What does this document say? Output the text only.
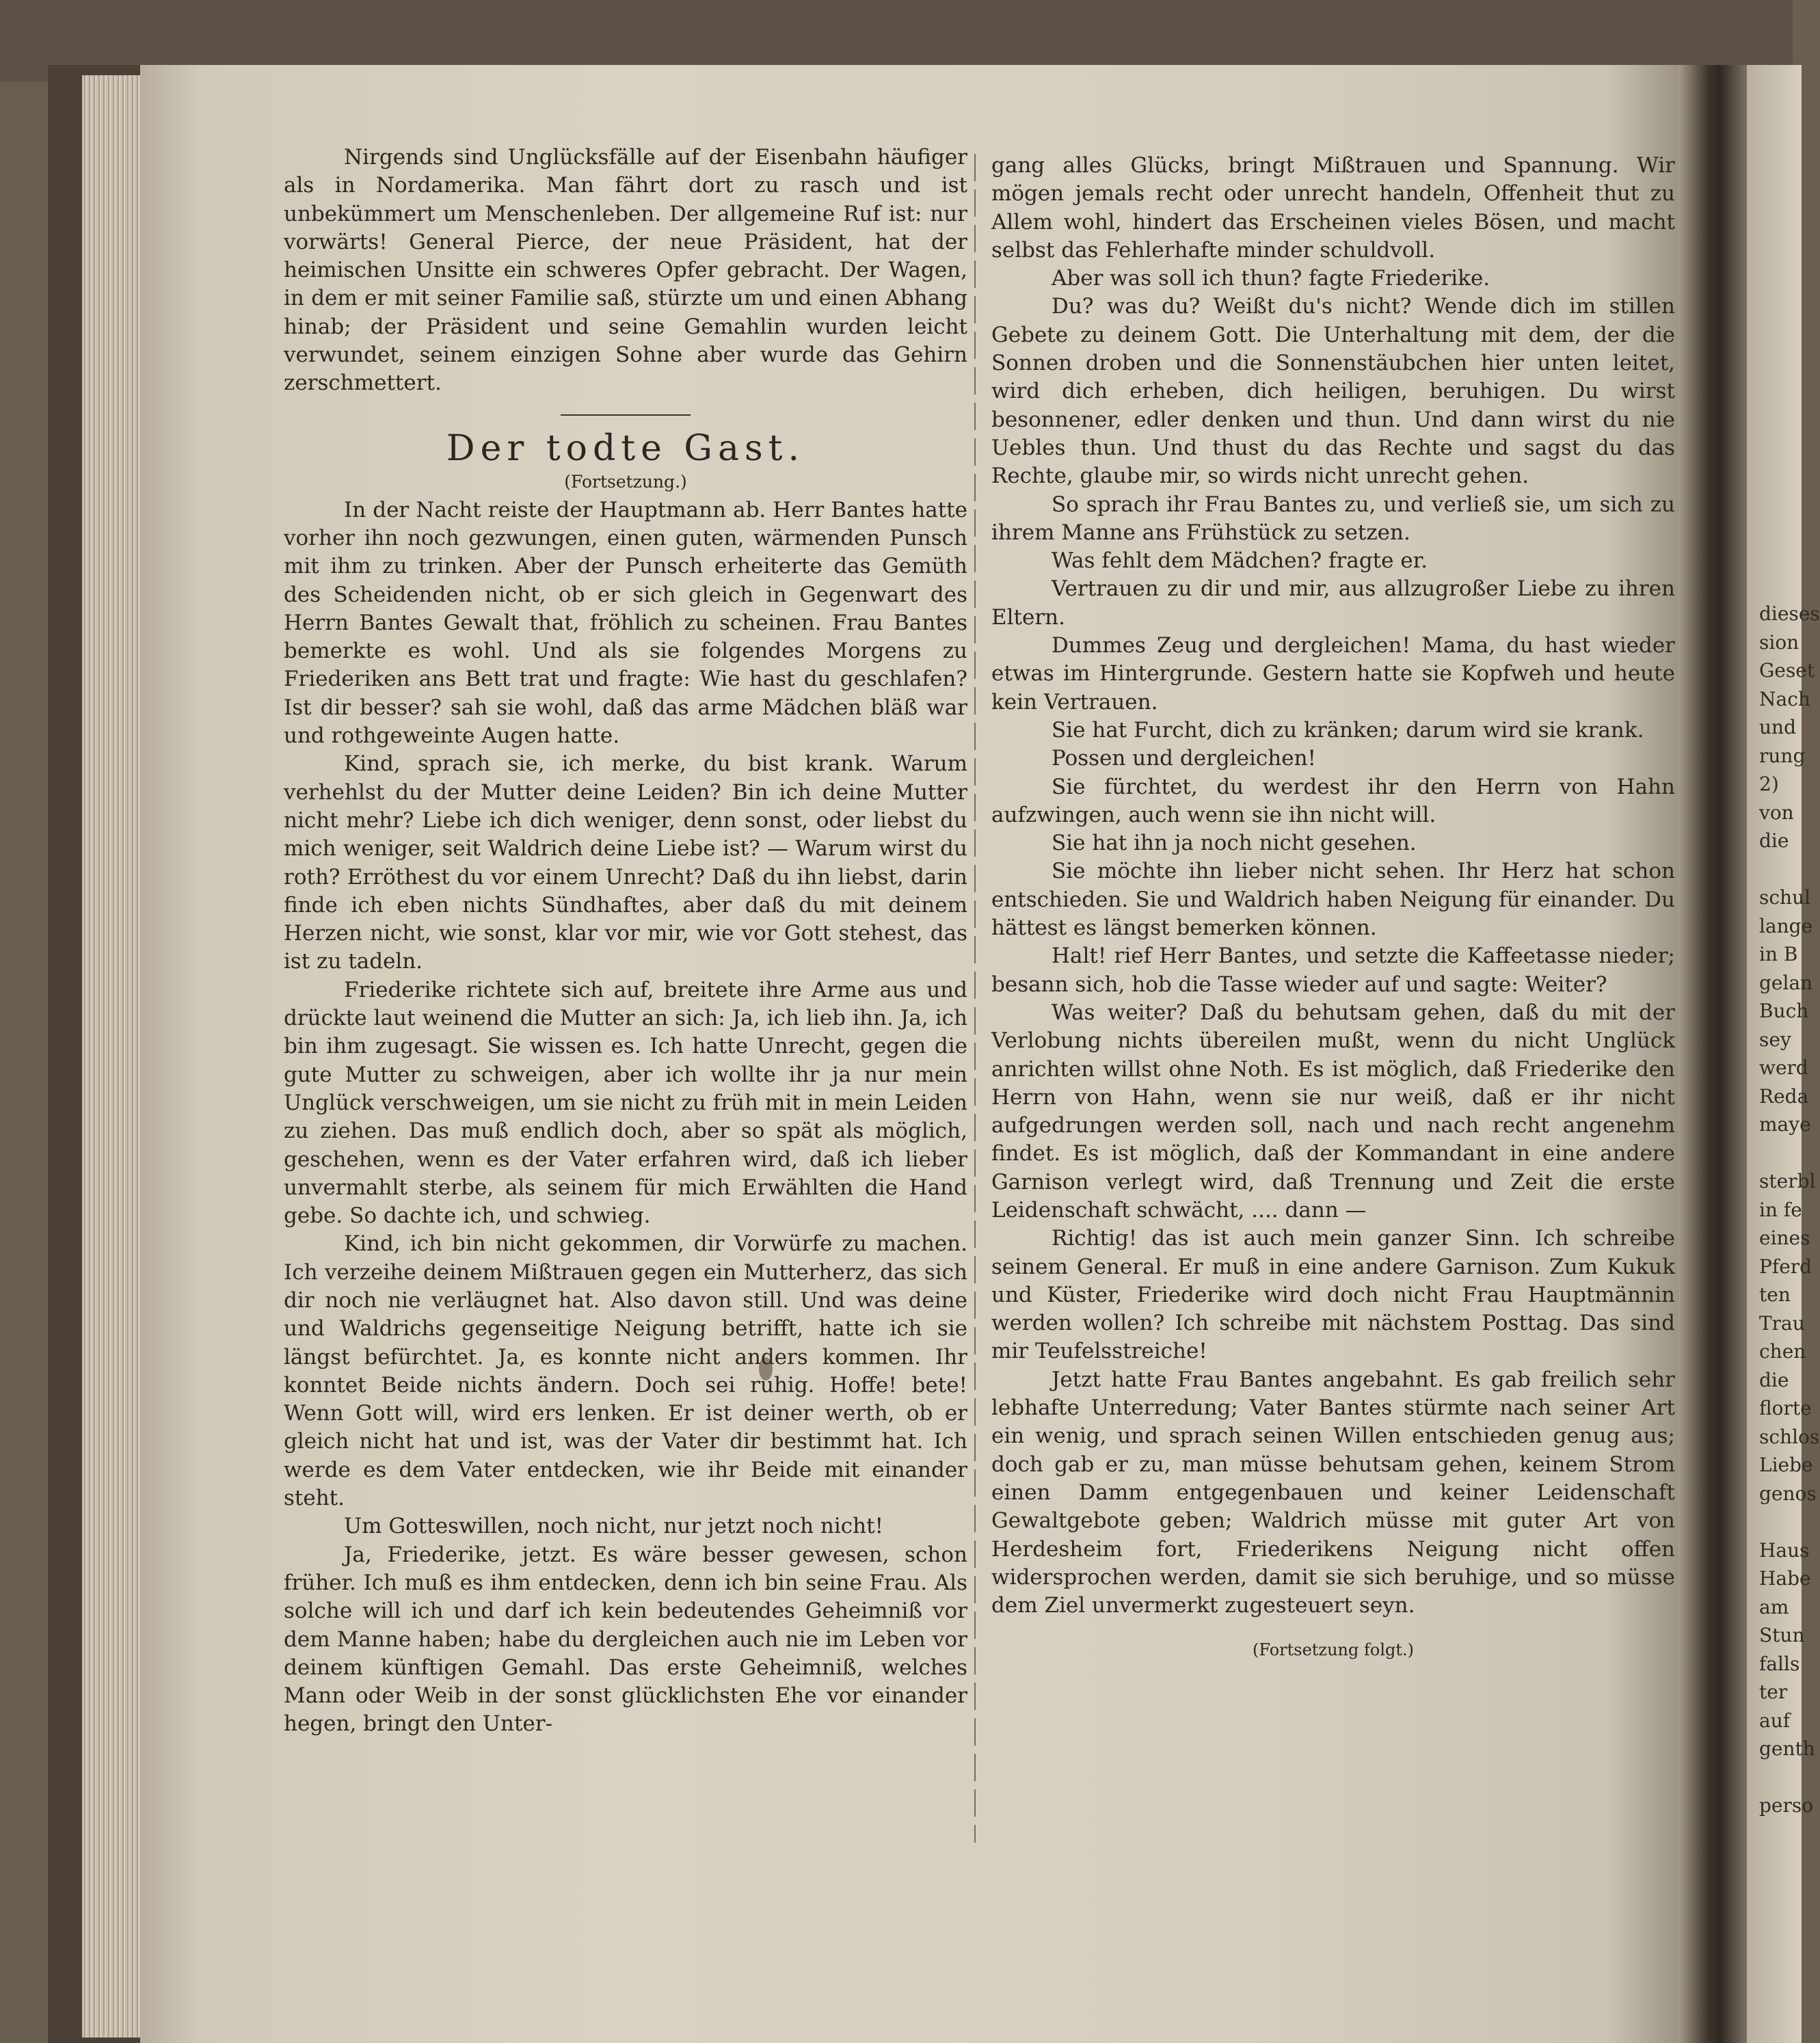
dieses
sion
Geset
Nach
und
rung
2)
von
die

schul
lange
in B
gelan
Buch
sey
werd
Reda
maye

sterbl
in fe
eines
Pferd
ten
Trau
chen
die
florte
schlos
Liebe
genos

Haus
Habe
am
Stun
falls
ter
auf
genth

perso

Nirgends sind Unglücksfälle auf der Eisenbahn häufiger als in Nordamerika. Man fährt dort zu rasch und ist unbekümmert um Menschenleben. Der allgemeine Ruf ist: nur vorwärts! General Pierce, der neue Präsident, hat der heimischen Unsitte ein schweres Opfer gebracht. Der Wagen, in dem er mit seiner Familie saß, stürzte um und einen Abhang hinab; der Präsident und seine Gemahlin wurden leicht verwundet, seinem einzigen Sohne aber wurde das Gehirn zerschmettert.

Der todte Gast.
(Fortsetzung.)

In der Nacht reiste der Hauptmann ab. Herr Bantes hatte vorher ihn noch gezwungen, einen guten, wärmenden Punsch mit ihm zu trinken. Aber der Punsch erheiterte das Gemüth des Scheidenden nicht, ob er sich gleich in Gegenwart des Herrn Bantes Gewalt that, fröhlich zu scheinen. Frau Bantes bemerkte es wohl. Und als sie folgendes Morgens zu Friederiken ans Bett trat und fragte: Wie hast du geschlafen? Ist dir besser? sah sie wohl, daß das arme Mädchen bläß war und rothgeweinte Augen hatte.

Kind, sprach sie, ich merke, du bist krank. Warum verhehlst du der Mutter deine Leiden? Bin ich deine Mutter nicht mehr? Liebe ich dich weniger, denn sonst, oder liebst du mich weniger, seit Waldrich deine Liebe ist? — Warum wirst du roth? Erröthest du vor einem Unrecht? Daß du ihn liebst, darin finde ich eben nichts Sündhaftes, aber daß du mit deinem Herzen nicht, wie sonst, klar vor mir, wie vor Gott stehest, das ist zu tadeln.

Friederike richtete sich auf, breitete ihre Arme aus und drückte laut weinend die Mutter an sich: Ja, ich lieb ihn. Ja, ich bin ihm zugesagt. Sie wissen es. Ich hatte Unrecht, gegen die gute Mutter zu schweigen, aber ich wollte ihr ja nur mein Unglück verschweigen, um sie nicht zu früh mit in mein Leiden zu ziehen. Das muß endlich doch, aber so spät als möglich, geschehen, wenn es der Vater erfahren wird, daß ich lieber unvermahlt sterbe, als seinem für mich Erwählten die Hand gebe. So dachte ich, und schwieg.

Kind, ich bin nicht gekommen, dir Vorwürfe zu machen. Ich verzeihe deinem Mißtrauen gegen ein Mutterherz, das sich dir noch nie verläugnet hat. Also davon still. Und was deine und Waldrichs gegenseitige Neigung betrifft, hatte ich sie längst befürchtet. Ja, es konnte nicht anders kommen. Ihr konntet Beide nichts ändern. Doch sei ruhig. Hoffe! bete! Wenn Gott will, wird ers lenken. Er ist deiner werth, ob er gleich nicht hat und ist, was der Vater dir bestimmt hat. Ich werde es dem Vater entdecken, wie ihr Beide mit einander steht.

Um Gotteswillen, noch nicht, nur jetzt noch nicht!

Ja, Friederike, jetzt. Es wäre besser gewesen, schon früher. Ich muß es ihm entdecken, denn ich bin seine Frau. Als solche will ich und darf ich kein bedeutendes Geheimniß vor dem Manne haben; habe du dergleichen auch nie im Leben vor deinem künftigen Gemahl. Das erste Geheimniß, welches Mann oder Weib in der sonst glücklichsten Ehe vor einander hegen, bringt den Unter-

gang alles Glücks, bringt Mißtrauen und Spannung. Wir mögen jemals recht oder unrecht handeln, Offenheit thut zu Allem wohl, hindert das Erscheinen vieles Bösen, und macht selbst das Fehlerhafte minder schuldvoll.

Aber was soll ich thun? fagte Friederike.

Du? was du? Weißt du's nicht? Wende dich im stillen Gebete zu deinem Gott. Die Unterhaltung mit dem, der die Sonnen droben und die Sonnenstäubchen hier unten leitet, wird dich erheben, dich heiligen, beruhigen. Du wirst besonnener, edler denken und thun. Und dann wirst du nie Uebles thun. Und thust du das Rechte und sagst du das Rechte, glaube mir, so wirds nicht unrecht gehen.

So sprach ihr Frau Bantes zu, und verließ sie, um sich zu ihrem Manne ans Frühstück zu setzen.

Was fehlt dem Mädchen? fragte er.

Vertrauen zu dir und mir, aus allzugroßer Liebe zu ihren Eltern.

Dummes Zeug und dergleichen! Mama, du hast wieder etwas im Hintergrunde. Gestern hatte sie Kopfweh und heute kein Vertrauen.

Sie hat Furcht, dich zu kränken; darum wird sie krank.

Possen und dergleichen!

Sie fürchtet, du werdest ihr den Herrn von Hahn aufzwingen, auch wenn sie ihn nicht will.

Sie hat ihn ja noch nicht gesehen.

Sie möchte ihn lieber nicht sehen. Ihr Herz hat schon entschieden. Sie und Waldrich haben Neigung für einander. Du hättest es längst bemerken können.

Halt! rief Herr Bantes, und setzte die Kaffeetasse nieder; besann sich, hob die Tasse wieder auf und sagte: Weiter?

Was weiter? Daß du behutsam gehen, daß du mit der Verlobung nichts übereilen mußt, wenn du nicht Unglück anrichten willst ohne Noth. Es ist möglich, daß Friederike den Herrn von Hahn, wenn sie nur weiß, daß er ihr nicht aufgedrungen werden soll, nach und nach recht angenehm findet. Es ist möglich, daß der Kommandant in eine andere Garnison verlegt wird, daß Trennung und Zeit die erste Leidenschaft schwächt, .... dann —

Richtig! das ist auch mein ganzer Sinn. Ich schreibe seinem General. Er muß in eine andere Garnison. Zum Kukuk und Küster, Friederike wird doch nicht Frau Hauptmännin werden wollen? Ich schreibe mit nächstem Posttag. Das sind mir Teufelsstreiche!

Jetzt hatte Frau Bantes angebahnt. Es gab freilich sehr lebhafte Unterredung; Vater Bantes stürmte nach seiner Art ein wenig, und sprach seinen Willen entschieden genug aus; doch gab er zu, man müsse behutsam gehen, keinem Strom einen Damm entgegenbauen und keiner Leidenschaft Gewaltgebote geben; Waldrich müsse mit guter Art von Herdesheim fort, Friederikens Neigung nicht offen widersprochen werden, damit sie sich beruhige, und so müsse dem Ziel unvermerkt zugesteuert seyn.

(Fortsetzung folgt.)
